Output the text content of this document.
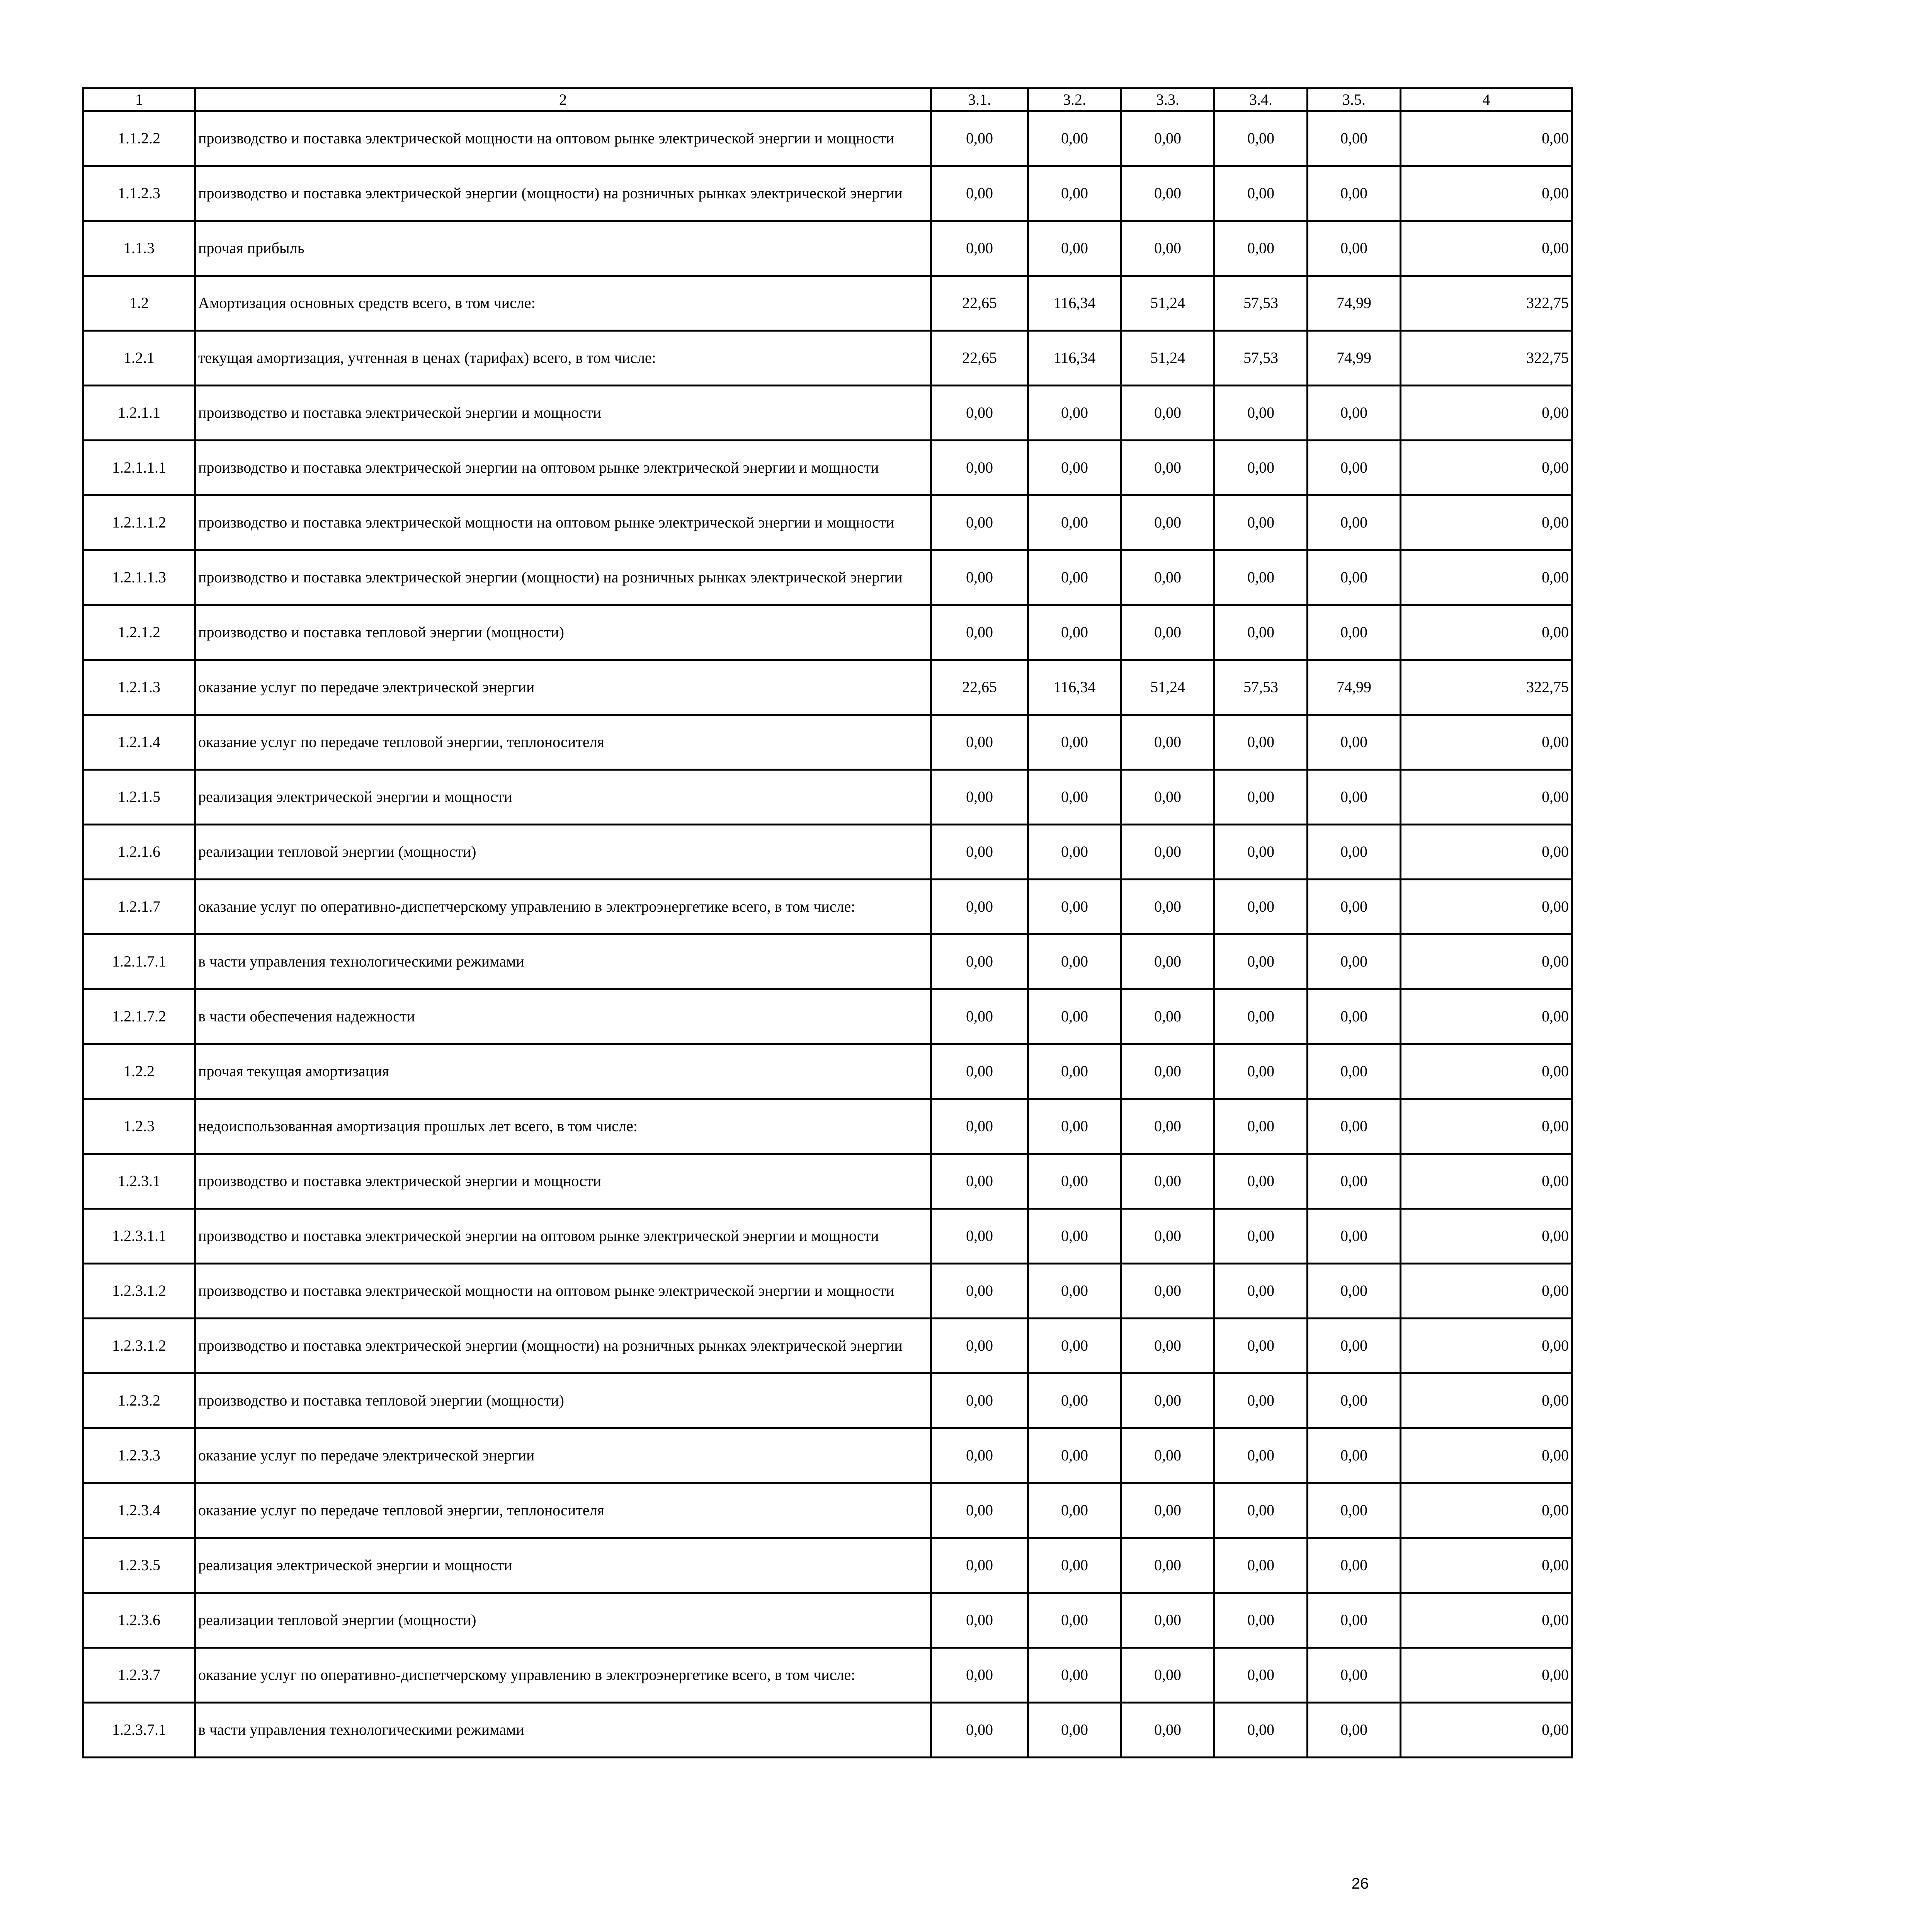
1	2	3.1.	3.2.	3.3.	3.4.	3.5.	4
1.1.2.2	производство и поставка электрической мощности на оптовом рынке электрической энергии и мощности	0,00	0,00	0,00	0,00	0,00	0,00
1.1.2.3	производство и поставка электрической энергии (мощности) на розничных рынках электрической энергии	0,00	0,00	0,00	0,00	0,00	0,00
1.1.3	прочая прибыль	0,00	0,00	0,00	0,00	0,00	0,00
1.2	Амортизация основных средств всего, в том числе:	22,65	116,34	51,24	57,53	74,99	322,75
1.2.1	текущая амортизация, учтенная в ценах (тарифах) всего, в том числе:	22,65	116,34	51,24	57,53	74,99	322,75
1.2.1.1	производство и поставка электрической энергии и мощности	0,00	0,00	0,00	0,00	0,00	0,00
1.2.1.1.1	производство и поставка электрической энергии на оптовом рынке электрической энергии и мощности	0,00	0,00	0,00	0,00	0,00	0,00
1.2.1.1.2	производство и поставка электрической мощности на оптовом рынке электрической энергии и мощности	0,00	0,00	0,00	0,00	0,00	0,00
1.2.1.1.3	производство и поставка электрической энергии (мощности) на розничных рынках электрической энергии	0,00	0,00	0,00	0,00	0,00	0,00
1.2.1.2	производство и поставка тепловой энергии (мощности)	0,00	0,00	0,00	0,00	0,00	0,00
1.2.1.3	оказание услуг по передаче электрической энергии	22,65	116,34	51,24	57,53	74,99	322,75
1.2.1.4	оказание услуг по передаче тепловой энергии, теплоносителя	0,00	0,00	0,00	0,00	0,00	0,00
1.2.1.5	реализация электрической энергии и мощности	0,00	0,00	0,00	0,00	0,00	0,00
1.2.1.6	реализации тепловой энергии (мощности)	0,00	0,00	0,00	0,00	0,00	0,00
1.2.1.7	оказание услуг по оперативно-диспетчерскому управлению в электроэнергетике всего, в том числе:	0,00	0,00	0,00	0,00	0,00	0,00
1.2.1.7.1	в части управления технологическими режимами	0,00	0,00	0,00	0,00	0,00	0,00
1.2.1.7.2	в части обеспечения надежности	0,00	0,00	0,00	0,00	0,00	0,00
1.2.2	прочая текущая амортизация	0,00	0,00	0,00	0,00	0,00	0,00
1.2.3	недоиспользованная амортизация прошлых лет всего, в том числе:	0,00	0,00	0,00	0,00	0,00	0,00
1.2.3.1	производство и поставка электрической энергии и мощности	0,00	0,00	0,00	0,00	0,00	0,00
1.2.3.1.1	производство и поставка электрической энергии на оптовом рынке электрической энергии и мощности	0,00	0,00	0,00	0,00	0,00	0,00
1.2.3.1.2	производство и поставка электрической мощности на оптовом рынке электрической энергии и мощности	0,00	0,00	0,00	0,00	0,00	0,00
1.2.3.1.2	производство и поставка электрической энергии (мощности) на розничных рынках электрической энергии	0,00	0,00	0,00	0,00	0,00	0,00
1.2.3.2	производство и поставка тепловой энергии (мощности)	0,00	0,00	0,00	0,00	0,00	0,00
1.2.3.3	оказание услуг по передаче электрической энергии	0,00	0,00	0,00	0,00	0,00	0,00
1.2.3.4	оказание услуг по передаче тепловой энергии, теплоносителя	0,00	0,00	0,00	0,00	0,00	0,00
1.2.3.5	реализация электрической энергии и мощности	0,00	0,00	0,00	0,00	0,00	0,00
1.2.3.6	реализации тепловой энергии (мощности)	0,00	0,00	0,00	0,00	0,00	0,00
1.2.3.7	оказание услуг по оперативно-диспетчерскому управлению в электроэнергетике всего, в том числе:	0,00	0,00	0,00	0,00	0,00	0,00
1.2.3.7.1	в части управления технологическими режимами	0,00	0,00	0,00	0,00	0,00	0,00
26
